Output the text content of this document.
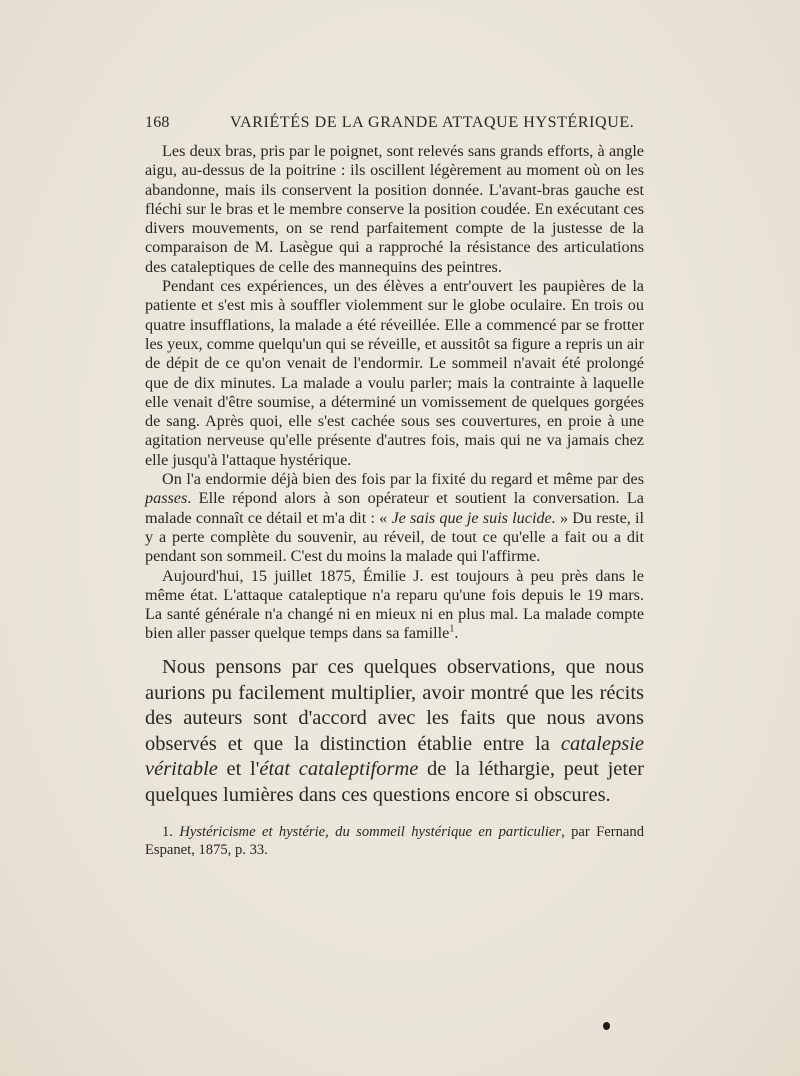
168	VARIÉTÉS DE LA GRANDE ATTAQUE HYSTÉRIQUE.

Les deux bras, pris par le poignet, sont relevés sans grands efforts, à angle aigu, au-dessus de la poitrine : ils oscillent légèrement au moment où on les abandonne, mais ils conservent la position donnée. L'avant-bras gauche est fléchi sur le bras et le membre conserve la position coudée. En exécutant ces divers mouvements, on se rend parfaitement compte de la justesse de la comparaison de M. Lasègue qui a rapproché la résistance des articulations des cataleptiques de celle des mannequins des peintres.

Pendant ces expériences, un des élèves a entr'ouvert les paupières de la patiente et s'est mis à souffler violemment sur le globe oculaire. En trois ou quatre insufflations, la malade a été réveillée. Elle a commencé par se frotter les yeux, comme quelqu'un qui se réveille, et aussitôt sa figure a repris un air de dépit de ce qu'on venait de l'endormir. Le sommeil n'avait été prolongé que de dix minutes. La malade a voulu parler; mais la contrainte à laquelle elle venait d'être soumise, a déterminé un vomissement de quelques gorgées de sang. Après quoi, elle s'est cachée sous ses couvertures, en proie à une agitation nerveuse qu'elle présente d'autres fois, mais qui ne va jamais chez elle jusqu'à l'attaque hystérique.

On l'a endormie déjà bien des fois par la fixité du regard et même par des passes. Elle répond alors à son opérateur et soutient la conversation. La malade connaît ce détail et m'a dit : « Je sais que je suis lucide. » Du reste, il y a perte complète du souvenir, au réveil, de tout ce qu'elle a fait ou a dit pendant son sommeil. C'est du moins la malade qui l'affirme.

Aujourd'hui, 15 juillet 1875, Émilie J. est toujours à peu près dans le même état. L'attaque cataleptique n'a reparu qu'une fois depuis le 19 mars. La santé générale n'a changé ni en mieux ni en plus mal. La malade compte bien aller passer quelque temps dans sa famille$^1$.

Nous pensons par ces quelques observations, que nous aurions pu facilement multiplier, avoir montré que les récits des auteurs sont d'accord avec les faits que nous avons observés et que la distinction établie entre la catalepsie véritable et l'état cataleptiforme de la léthargie, peut jeter quelques lumières dans ces questions encore si obscures.

1. Hystéricisme et hystérie, du sommeil hystérique en particulier, par Fernand Espanet, 1875, p. 33.
